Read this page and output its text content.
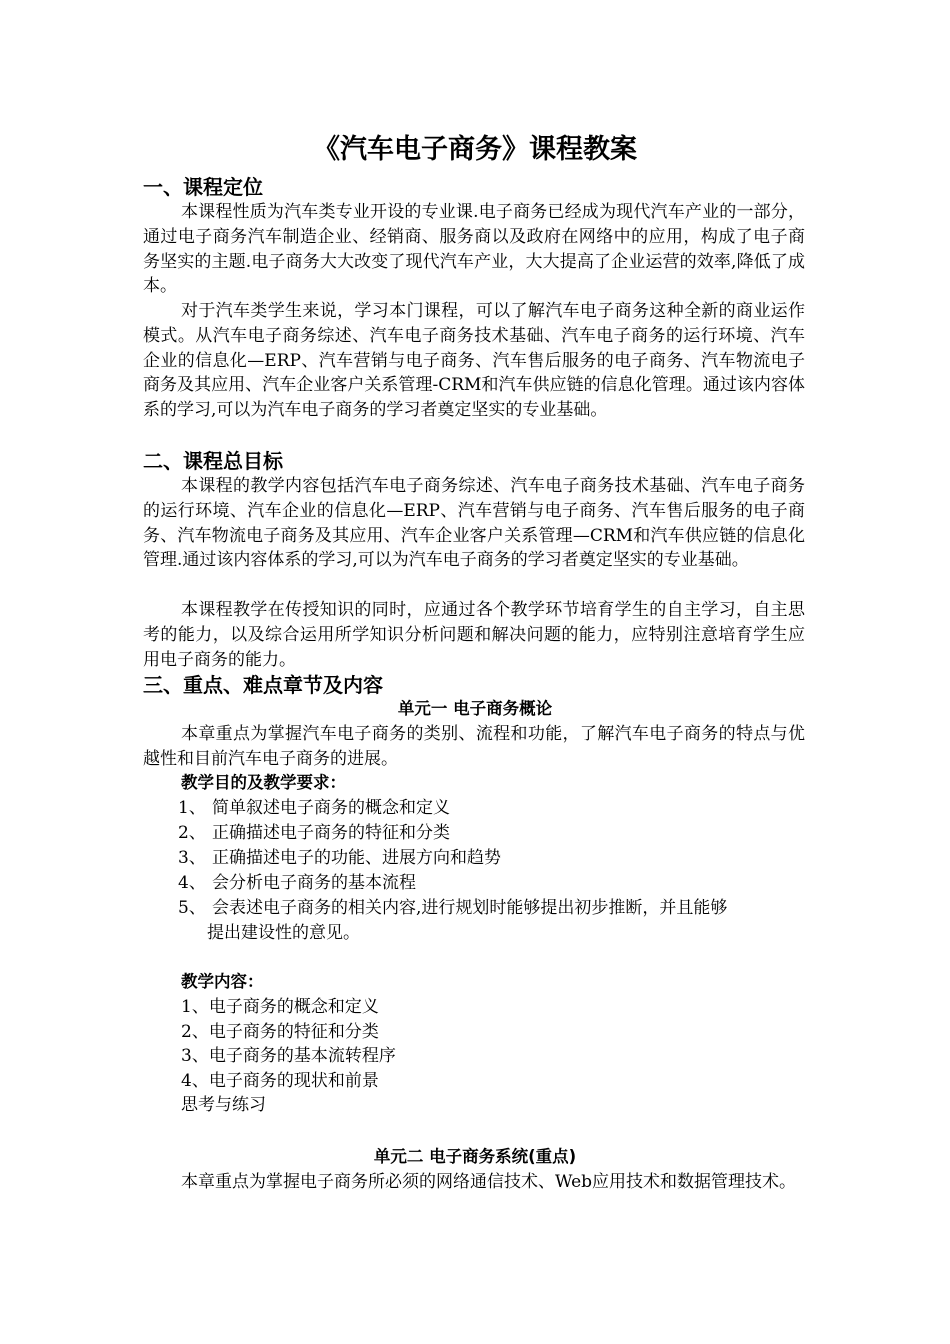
《汽车电子商务》课程教案
一、课程定位
本课程性质为汽车类专业开设的专业课.电子商务已经成为现代汽车产业的一部分，通过电子商务汽车制造企业、经销商、服务商以及政府在网络中的应用，构成了电子商务坚实的主题.电子商务大大改变了现代汽车产业，大大提高了企业运营的效率,降低了成本。
对于汽车类学生来说，学习本门课程，可以了解汽车电子商务这种全新的商业运作模式。从汽车电子商务综述、汽车电子商务技术基础、汽车电子商务的运行环境、汽车企业的信息化—ERP、汽车营销与电子商务、汽车售后服务的电子商务、汽车物流电子商务及其应用、汽车企业客户关系管理-CRM和汽车供应链的信息化管理。通过该内容体系的学习,可以为汽车电子商务的学习者奠定坚实的专业基础。
二、课程总目标
本课程的教学内容包括汽车电子商务综述、汽车电子商务技术基础、汽车电子商务的运行环境、汽车企业的信息化—ERP、汽车营销与电子商务、汽车售后服务的电子商务、汽车物流电子商务及其应用、汽车企业客户关系管理—CRM和汽车供应链的信息化管理.通过该内容体系的学习,可以为汽车电子商务的学习者奠定坚实的专业基础。
本课程教学在传授知识的同时，应通过各个教学环节培育学生的自主学习，自主思考的能力，以及综合运用所学知识分析问题和解决问题的能力，应特别注意培育学生应用电子商务的能力。
三、重点、难点章节及内容
单元一 电子商务概论
本章重点为掌握汽车电子商务的类别、流程和功能，了解汽车电子商务的特点与优越性和目前汽车电子商务的进展。
教学目的及教学要求：
1、 简单叙述电子商务的概念和定义
2、 正确描述电子商务的特征和分类
3、 正确描述电子的功能、进展方向和趋势
4、 会分析电子商务的基本流程
5、 会表述电子商务的相关内容,进行规划时能够提出初步推断，并且能够
提出建设性的意见。
教学内容：
1、电子商务的概念和定义
2、电子商务的特征和分类
3、电子商务的基本流转程序
4、电子商务的现状和前景
思考与练习
单元二 电子商务系统(重点)
本章重点为掌握电子商务所必须的网络通信技术、Web应用技术和数据管理技术。
